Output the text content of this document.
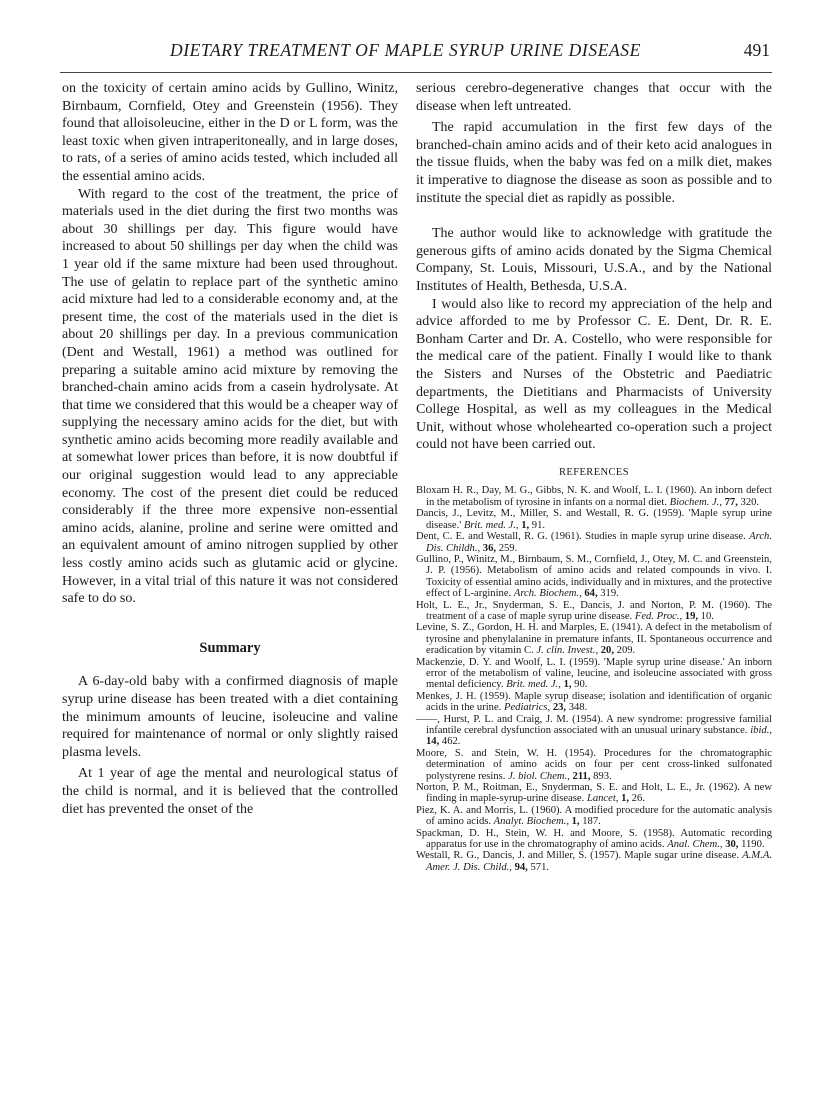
DIETARY TREATMENT OF MAPLE SYRUP URINE DISEASE	491

on the toxicity of certain amino acids by Gullino, Winitz, Birnbaum, Cornfield, Otey and Greenstein (1956). They found that alloisoleucine, either in the D or L form, was the least toxic when given intraperitoneally, and in large doses, to rats, of a series of amino acids tested, which included all the essential amino acids.

With regard to the cost of the treatment, the price of materials used in the diet during the first two months was about 30 shillings per day. This figure would have increased to about 50 shillings per day when the child was 1 year old if the same mixture had been used throughout. The use of gelatin to replace part of the synthetic amino acid mixture had led to a considerable economy and, at the present time, the cost of the materials used in the diet is about 20 shillings per day. In a previous communication (Dent and Westall, 1961) a method was outlined for preparing a suitable amino acid mixture by removing the branched-chain amino acids from a casein hydrolysate. At that time we considered that this would be a cheaper way of supplying the necessary amino acids for the diet, but with synthetic amino acids becoming more readily available and at somewhat lower prices than before, it is now doubtful if our original suggestion would lead to any appreciable economy. The cost of the present diet could be reduced considerably if the three more expensive non-essential amino acids, alanine, proline and serine were omitted and an equivalent amount of amino nitrogen supplied by other less costly amino acids such as glutamic acid or glycine. However, in a vital trial of this nature it was not considered safe to do so.

Summary

A 6-day-old baby with a confirmed diagnosis of maple syrup urine disease has been treated with a diet containing the minimum amounts of leucine, isoleucine and valine required for maintenance of normal or only slightly raised plasma levels.

At 1 year of age the mental and neurological status of the child is normal, and it is believed that the controlled diet has prevented the onset of the

serious cerebro-degenerative changes that occur with the disease when left untreated.

The rapid accumulation in the first few days of the branched-chain amino acids and of their keto acid analogues in the tissue fluids, when the baby was fed on a milk diet, makes it imperative to diagnose the disease as soon as possible and to institute the special diet as rapidly as possible.

The author would like to acknowledge with gratitude the generous gifts of amino acids donated by the Sigma Chemical Company, St. Louis, Missouri, U.S.A., and by the National Institutes of Health, Bethesda, U.S.A.

I would also like to record my appreciation of the help and advice afforded to me by Professor C. E. Dent, Dr. R. E. Bonham Carter and Dr. A. Costello, who were responsible for the medical care of the patient. Finally I would like to thank the Sisters and Nurses of the Obstetric and Paediatric departments, the Dietitians and Pharmacists of University College Hospital, as well as my colleagues in the Medical Unit, without whose wholehearted co-operation such a project could not have been carried out.

REFERENCES

Bloxam H. R., Day, M. G., Gibbs, N. K. and Woolf, L. I. (1960). An inborn defect in the metabolism of tyrosine in infants on a normal diet. Biochem. J., 77, 320.

Dancis, J., Levitz, M., Miller, S. and Westall, R. G. (1959). 'Maple syrup urine disease.' Brit. med. J., 1, 91.

Dent, C. E. and Westall, R. G. (1961). Studies in maple syrup urine disease. Arch. Dis. Childh., 36, 259.

Gullino, P., Winitz, M., Birnbaum, S. M., Cornfield, J., Otey, M. C. and Greenstein, J. P. (1956). Metabolism of amino acids and related compounds in vivo. I. Toxicity of essential amino acids, individually and in mixtures, and the protective effect of L-arginine. Arch. Biochem., 64, 319.

Holt, L. E., Jr., Snyderman, S. E., Dancis, J. and Norton, P. M. (1960). The treatment of a case of maple syrup urine disease. Fed. Proc., 19, 10.

Levine, S. Z., Gordon, H. H. and Marples, E. (1941). A defect in the metabolism of tyrosine and phenylalanine in premature infants, II. Spontaneous occurrence and eradication by vitamin C. J. clin. Invest., 20, 209.

Mackenzie, D. Y. and Woolf, L. I. (1959). 'Maple syrup urine disease.' An inborn error of the metabolism of valine, leucine, and isoleucine associated with gross mental deficiency. Brit. med. J., 1, 90.

Menkes, J. H. (1959). Maple syrup disease; isolation and identification of organic acids in the urine. Pediatrics, 23, 348.

——, Hurst, P. L. and Craig, J. M. (1954). A new syndrome: progressive familial infantile cerebral dysfunction associated with an unusual urinary substance. ibid., 14, 462.

Moore, S. and Stein, W. H. (1954). Procedures for the chromatographic determination of amino acids on four per cent cross-linked sulfonated polystyrene resins. J. biol. Chem., 211, 893.

Norton, P. M., Roitman, E., Snyderman, S. E. and Holt, L. E., Jr. (1962). A new finding in maple-syrup-urine disease. Lancet, 1, 26.

Piez, K. A. and Morris, L. (1960). A modified procedure for the automatic analysis of amino acids. Analyt. Biochem., 1, 187.

Spackman, D. H., Stein, W. H. and Moore, S. (1958). Automatic recording apparatus for use in the chromatography of amino acids. Anal. Chem., 30, 1190.

Westall, R. G., Dancis, J. and Miller, S. (1957). Maple sugar urine disease. A.M.A. Amer. J. Dis. Child., 94, 571.
